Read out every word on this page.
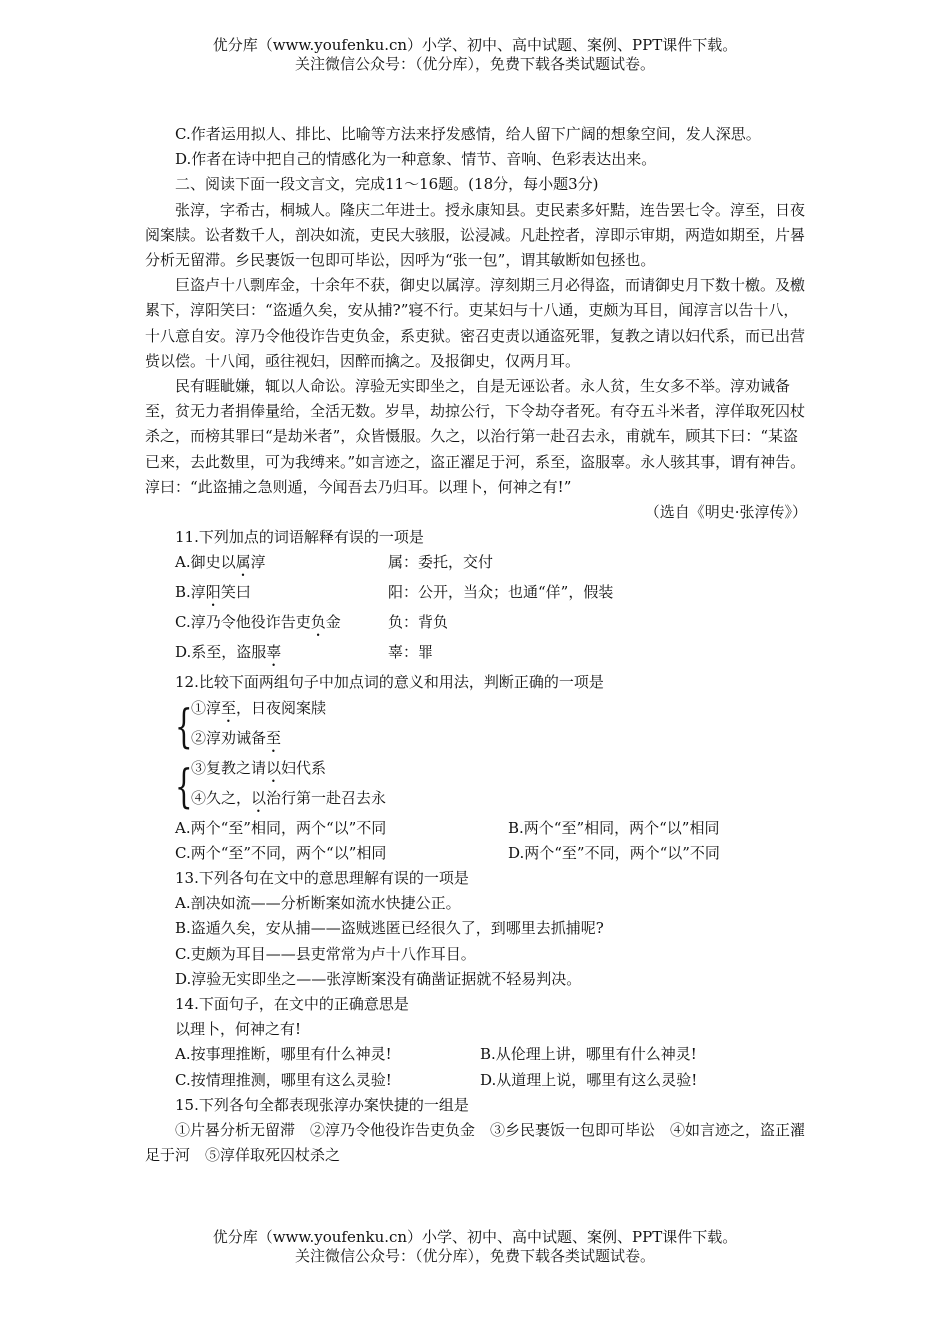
优分库（www.youfenku.cn）小学、初中、高中试题、案例、PPT课件下载。
关注微信公众号：（优分库），免费下载各类试题试卷。

C.作者运用拟人、排比、比喻等方法来抒发感情，给人留下广阔的想象空间，发人深思。

D.作者在诗中把自己的情感化为一种意象、情节、音响、色彩表达出来。

二、阅读下面一段文言文，完成11～16题。(18分，每小题3分)

张淳，字希古，桐城人。隆庆二年进士。授永康知县。吏民素多奸黠，连告罢七令。淳至，日夜阅案牍。讼者数千人，剖决如流，吏民大骇服，讼浸减。凡赴控者，淳即示审期，两造如期至，片晷分析无留滞。乡民裹饭一包即可毕讼，因呼为“张一包”，谓其敏断如包拯也。

巨盗卢十八剽库金，十余年不获，御史以属淳。淳刻期三月必得盗，而请御史月下数十檄。及檄累下，淳阳笑曰：“盗遁久矣，安从捕?”寝不行。吏某妇与十八通，吏颇为耳目，闻淳言以告十八，十八意自安。淳乃令他役诈告吏负金，系吏狱。密召吏责以通盗死罪，复教之请以妇代系，而已出营赀以偿。十八闻，亟往视妇，因醉而擒之。及报御史，仅两月耳。

民有睚眦嫌，辄以人命讼。淳验无实即坐之，自是无诬讼者。永人贫，生女多不举。淳劝诫备至，贫无力者捐俸量给，全活无数。岁旱，劫掠公行，下令劫夺者死。有夺五斗米者，淳佯取死囚杖杀之，而榜其罪曰“是劫米者”，众皆慑服。久之，以治行第一赴召去永，甫就车，顾其下曰：“某盗已来，去此数里，可为我缚来。”如言迹之，盗正濯足于河，系至，盗服辜。永人骇其事，谓有神告。淳曰：“此盗捕之急则遁，今闻吾去乃归耳。以理卜，何神之有!”

（选自《明史·张淳传》）

11.下列加点的词语解释有误的一项是

A.御史以属淳	属：委托，交付
B.淳阳笑曰	阳：公开，当众；也通“佯”，假装
C.淳乃令他役诈告吏负金	负：背负
D.系至，盗服辜	辜：罪

12.比较下面两组句子中加点词的意义和用法，判断正确的一项是

{
①淳至，日夜阅案牍
②淳劝诫备至
{
③复教之请以妇代系
④久之，以治行第一赴召去永
A.两个“至”相同，两个“以”不同	B.两个“至”相同，两个“以”相同
C.两个“至”不同，两个“以”相同	D.两个“至”不同，两个“以”不同

13.下列各句在文中的意思理解有误的一项是

A.剖决如流——分析断案如流水快捷公正。

B.盗遁久矣，安从捕——盗贼逃匿已经很久了，到哪里去抓捕呢?

C.吏颇为耳目——县吏常常为卢十八作耳目。

D.淳验无实即坐之——张淳断案没有确凿证据就不轻易判决。

14.下面句子，在文中的正确意思是

以理卜，何神之有!

A.按事理推断，哪里有什么神灵!	B.从伦理上讲，哪里有什么神灵!
C.按情理推测，哪里有这么灵验!	D.从道理上说，哪里有这么灵验!

15.下列各句全都表现张淳办案快捷的一组是

①片晷分析无留滞　②淳乃令他役诈告吏负金　③乡民裹饭一包即可毕讼　④如言迹之，盗正濯足于河　⑤淳佯取死囚杖杀之

优分库（www.youfenku.cn）小学、初中、高中试题、案例、PPT课件下载。
关注微信公众号：（优分库），免费下载各类试题试卷。
